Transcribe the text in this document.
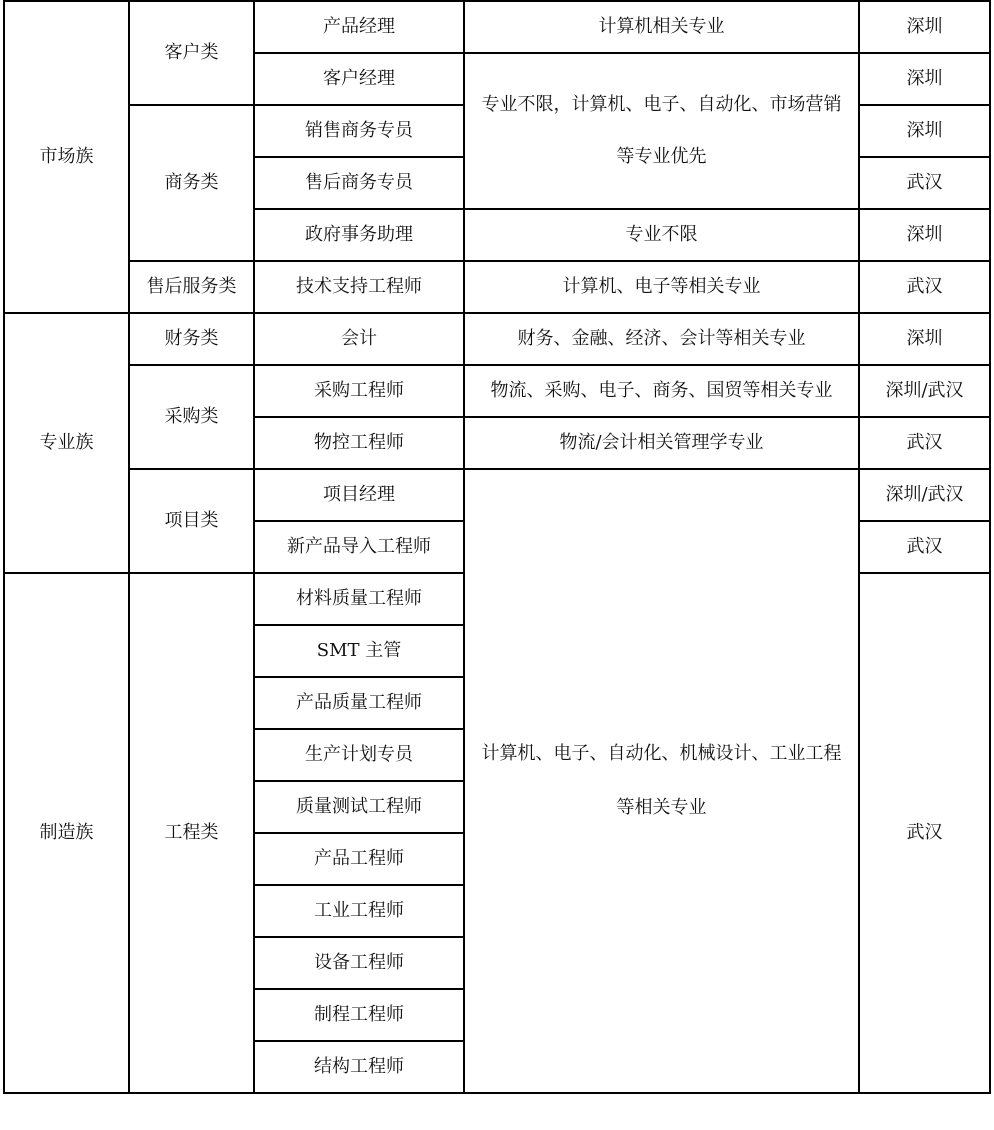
市场族	客户类	产品经理	计算机相关专业	深圳
		客户经理	专业不限，计算机、电子、自动化、市场营销等专业优先	深圳
	商务类	销售商务专员		深圳
		售后商务专员		武汉
		政府事务助理	专业不限	深圳
	售后服务类	技术支持工程师	计算机、电子等相关专业	武汉
专业族	财务类	会计	财务、金融、经济、会计等相关专业	深圳
	采购类	采购工程师	物流、采购、电子、商务、国贸等相关专业	深圳/武汉
		物控工程师	物流/会计相关管理学专业	武汉
	项目类	项目经理	计算机、电子、自动化、机械设计、工业工程等相关专业	深圳/武汉
		新产品导入工程师		武汉
制造族	工程类	材料质量工程师		武汉
		SMT 主管		
		产品质量工程师		
		生产计划专员		
		质量测试工程师		
		产品工程师		
		工业工程师		
		设备工程师		
		制程工程师		
		结构工程师		
